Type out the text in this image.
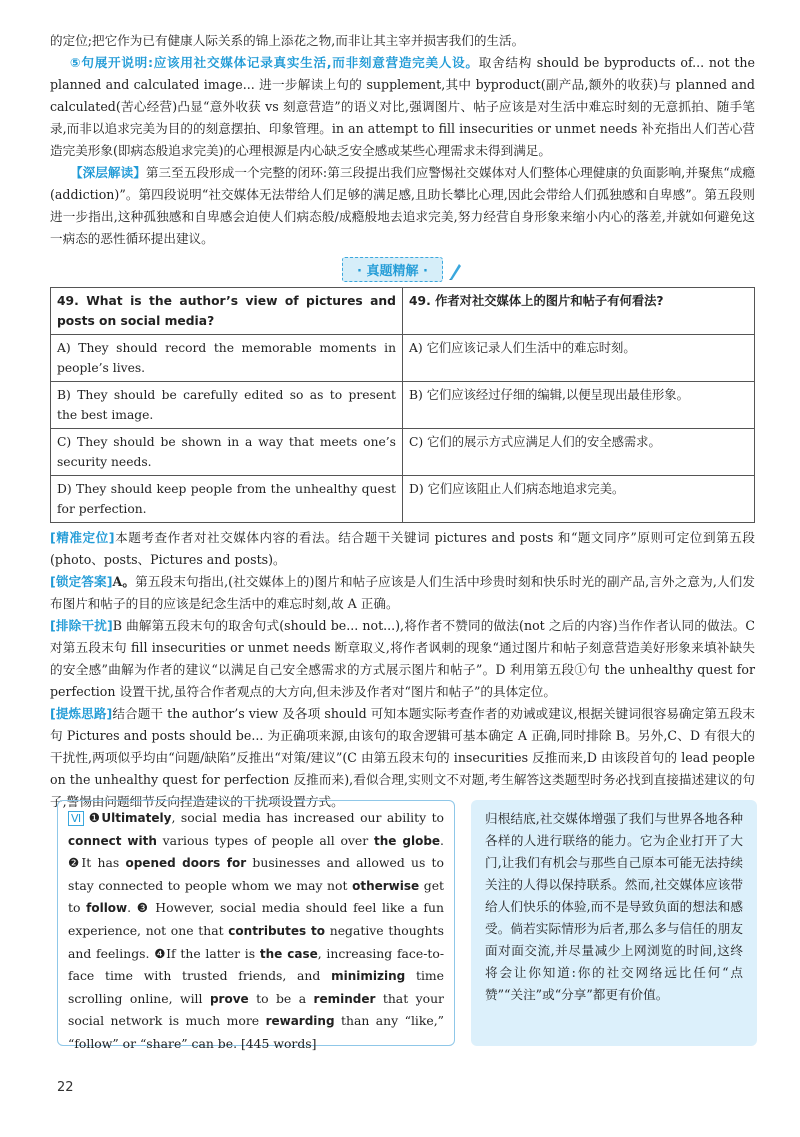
的定位;把它作为已有健康人际关系的锦上添花之物,而非让其主宰并损害我们的生活。

⑤句展开说明:应该用社交媒体记录真实生活,而非刻意营造完美人设。取舍结构 should be byproducts of... not the planned and calculated image... 进一步解读上句的 supplement,其中 byproduct(副产品,额外的收获)与 planned and calculated(苦心经营)凸显“意外收获 vs 刻意营造”的语义对比,强调图片、帖子应该是对生活中难忘时刻的无意抓拍、随手笔录,而非以追求完美为目的的刻意摆拍、印象管理。in an attempt to fill insecurities or unmet needs 补充指出人们苦心营造完美形象(即病态般追求完美)的心理根源是内心缺乏安全感或某些心理需求未得到满足。

【深层解读】第三至五段形成一个完整的闭环:第三段提出我们应警惕社交媒体对人们整体心理健康的负面影响,并聚焦“成瘾(addiction)”。第四段说明“社交媒体无法带给人们足够的满足感,且助长攀比心理,因此会带给人们孤独感和自卑感”。第五段则进一步指出,这种孤独感和自卑感会迫使人们病态般/成瘾般地去追求完美,努力经营自身形象来缩小内心的落差,并就如何避免这一病态的恶性循环提出建议。

· 真题精解 ·
49. What is the author’s view of pictures and posts on social media?	49. 作者对社交媒体上的图片和帖子有何看法?
A) They should record the memorable moments in people’s lives.	A) 它们应该记录人们生活中的难忘时刻。
B) They should be carefully edited so as to present the best image.	B) 它们应该经过仔细的编辑,以便呈现出最佳形象。
C) They should be shown in a way that meets one’s security needs.	C) 它们的展示方式应满足人们的安全感需求。
D) They should keep people from the unhealthy quest for perfection.	D) 它们应该阻止人们病态地追求完美。

[精准定位]本题考查作者对社交媒体内容的看法。结合题干关键词 pictures and posts 和“题文同序”原则可定位到第五段(photo、posts、Pictures and posts)。

[锁定答案]A。第五段末句指出,(社交媒体上的)图片和帖子应该是人们生活中珍贵时刻和快乐时光的副产品,言外之意为,人们发布图片和帖子的目的应该是纪念生活中的难忘时刻,故 A 正确。

[排除干扰]B 曲解第五段末句的取舍句式(should be... not...),将作者不赞同的做法(not 之后的内容)当作作者认同的做法。C 对第五段末句 fill insecurities or unmet needs 断章取义,将作者讽刺的现象“通过图片和帖子刻意营造美好形象来填补缺失的安全感”曲解为作者的建议“以满足自己安全感需求的方式展示图片和帖子”。D 利用第五段①句 the unhealthy quest for perfection 设置干扰,虽符合作者观点的大方向,但未涉及作者对“图片和帖子”的具体定位。

[提炼思路]结合题干 the author’s view 及各项 should 可知本题实际考查作者的劝诫或建议,根据关键词很容易确定第五段末句 Pictures and posts should be... 为正确项来源,由该句的取舍逻辑可基本确定 A 正确,同时排除 B。另外,C、D 有很大的干扰性,两项似乎均由“问题/缺陷”反推出“对策/建议”(C 由第五段末句的 insecurities 反推而来,D 由该段首句的 lead people on the unhealthy quest for perfection 反推而来),看似合理,实则文不对题,考生解答这类题型时务必找到直接描述建议的句子,警惕由问题细节反向捏造建议的干扰项设置方式。

Ⅵ ❶Ultimately, social media has increased our ability to connect with various types of people all over the globe. ❷It has opened doors for businesses and allowed us to stay connected to people whom we may not otherwise get to follow. ❸ However, social media should feel like a fun experience, not one that contributes to negative thoughts and feelings. ❹If the latter is the case, increasing face-to-face time with trusted friends, and minimizing time scrolling online, will prove to be a reminder that your social network is much more rewarding than any “like,” “follow” or “share” can be. [445 words]
归根结底,社交媒体增强了我们与世界各地各种各样的人进行联络的能力。它为企业打开了大门,让我们有机会与那些自己原本可能无法持续关注的人得以保持联系。然而,社交媒体应该带给人们快乐的体验,而不是导致负面的想法和感受。倘若实际情形为后者,那么多与信任的朋友面对面交流,并尽量减少上网浏览的时间,这终将会让你知道:你的社交网络远比任何“点赞”“关注”或“分享”都更有价值。
22
